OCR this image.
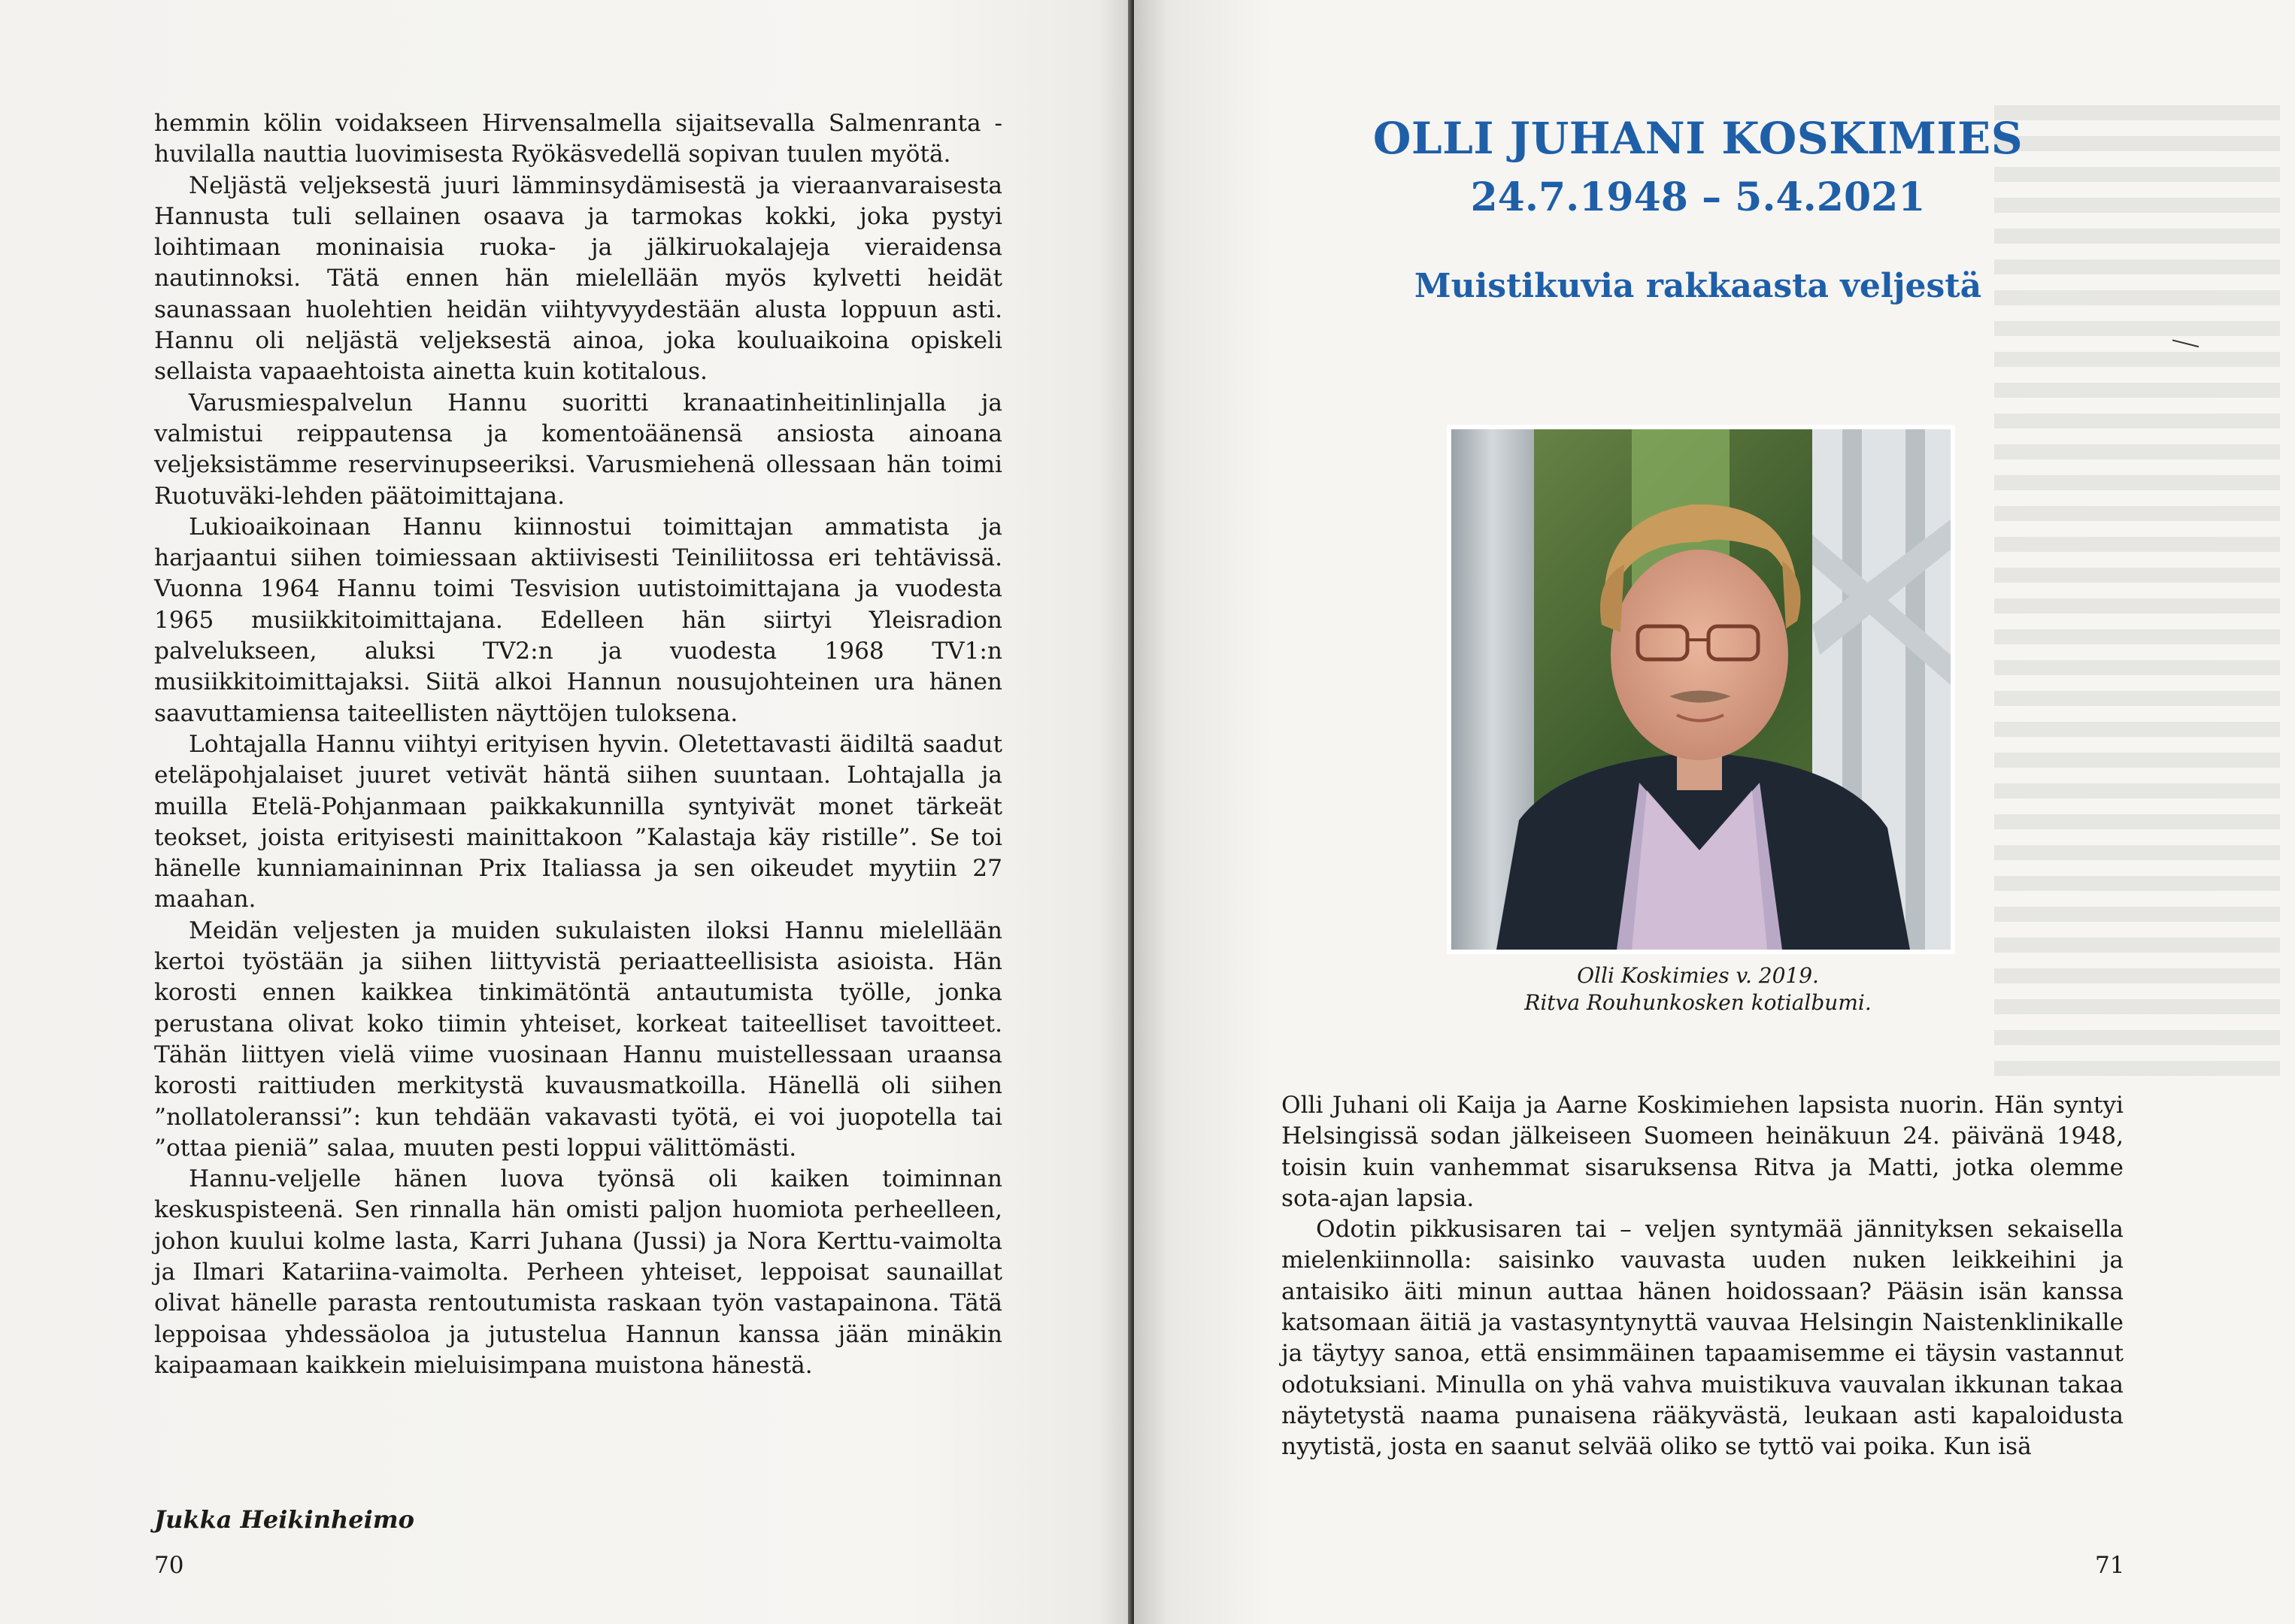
hemmin kölin voidakseen Hirvensalmella sijaitsevalla Salmenranta -huvilalla nauttia luovimisesta Ryökäsvedellä sopivan tuulen myötä.

Neljästä veljeksestä juuri lämminsydämisestä ja vieraanvaraisesta Hannusta tuli sellainen osaava ja tarmokas kokki, joka pystyi loihtimaan moninaisia ruoka- ja jälkiruokalajeja vieraidensa nautinnoksi. Tätä ennen hän mielellään myös kylvetti heidät saunassaan huolehtien heidän viihtyvyydestään alusta loppuun asti. Hannu oli neljästä veljeksestä ainoa, joka kouluaikoina opiskeli sellaista vapaaehtoista ainetta kuin kotitalous.

Varusmiespalvelun Hannu suoritti kranaatinheitinlinjalla ja valmistui reippautensa ja komentoäänensä ansiosta ainoana veljeksistämme reservinupseeriksi. Varusmiehenä ollessaan hän toimi Ruotuväki-lehden päätoimittajana.

Lukioaikoinaan Hannu kiinnostui toimittajan ammatista ja harjaantui siihen toimiessaan aktiivisesti Teiniliitossa eri tehtävissä. Vuonna 1964 Hannu toimi Tesvision uutistoimittajana ja vuodesta 1965 musiikkitoimittajana. Edelleen hän siirtyi Yleisradion palvelukseen, aluksi TV2:n ja vuodesta 1968 TV1:n musiikkitoimittajaksi. Siitä alkoi Hannun nousujohteinen ura hänen saavuttamiensa taiteellisten näyttöjen tuloksena.

Lohtajalla Hannu viihtyi erityisen hyvin. Oletettavasti äidiltä saadut eteläpohjalaiset juuret vetivät häntä siihen suuntaan. Lohtajalla ja muilla Etelä-Pohjanmaan paikkakunnilla syntyivät monet tärkeät teokset, joista erityisesti mainittakoon ”Kalastaja käy ristille”. Se toi hänelle kunniamaininnan Prix Italiassa ja sen oikeudet myytiin 27 maahan.

Meidän veljesten ja muiden sukulaisten iloksi Hannu mielellään kertoi työstään ja siihen liittyvistä periaatteellisista asioista. Hän korosti ennen kaikkea tinkimätöntä antautumista työlle, jonka perustana olivat koko tiimin yhteiset, korkeat taiteelliset tavoitteet. Tähän liittyen vielä viime vuosinaan Hannu muistellessaan uraansa korosti raittiuden merkitystä kuvausmatkoilla. Hänellä oli siihen ”nollatoleranssi”: kun tehdään vakavasti työtä, ei voi juopotella tai ”ottaa pieniä” salaa, muuten pesti loppui välittömästi.

Hannu-veljelle hänen luova työnsä oli kaiken toiminnan keskuspisteenä. Sen rinnalla hän omisti paljon huomiota perheelleen, johon kuului kolme lasta, Karri Juhana (Jussi) ja Nora Kerttu-vaimolta ja Ilmari Katariina-vaimolta. Perheen yhteiset, leppoisat saunaillat olivat hänelle parasta rentoutumista raskaan työn vastapainona. Tätä leppoisaa yhdessäoloa ja jutustelua Hannun kanssa jään minäkin kaipaamaan kaikkein mieluisimpana muistona hänestä.

Jukka Heikinheimo
70
OLLI JUHANI KOSKIMIES
24.7.1948 – 5.4.2021
Muistikuvia rakkaasta veljestä
Olli Koskimies v. 2019.
Ritva Rouhunkosken kotialbumi.

Olli Juhani oli Kaija ja Aarne Koskimiehen lapsista nuorin. Hän syntyi Helsingissä sodan jälkeiseen Suomeen heinäkuun 24. päivänä 1948, toisin kuin vanhemmat sisaruksensa Ritva ja Matti, jotka olemme sota-ajan lapsia.

Odotin pikkusisaren tai – veljen syntymää jännityksen sekaisella mielenkiinnolla: saisinko vauvasta uuden nuken leikkeihini ja antaisiko äiti minun auttaa hänen hoidossaan? Pääsin isän kanssa katsomaan äitiä ja vastasyntynyttä vauvaa Helsingin Naistenklinikalle ja täytyy sanoa, että ensimmäinen tapaamisemme ei täysin vastannut odotuksiani. Minulla on yhä vahva muistikuva vauvalan ikkunan takaa näytetystä naama punaisena rääkyvästä, leukaan asti kapaloidusta nyytistä, josta en saanut selvää oliko se tyttö vai poika. Kun isä

71
